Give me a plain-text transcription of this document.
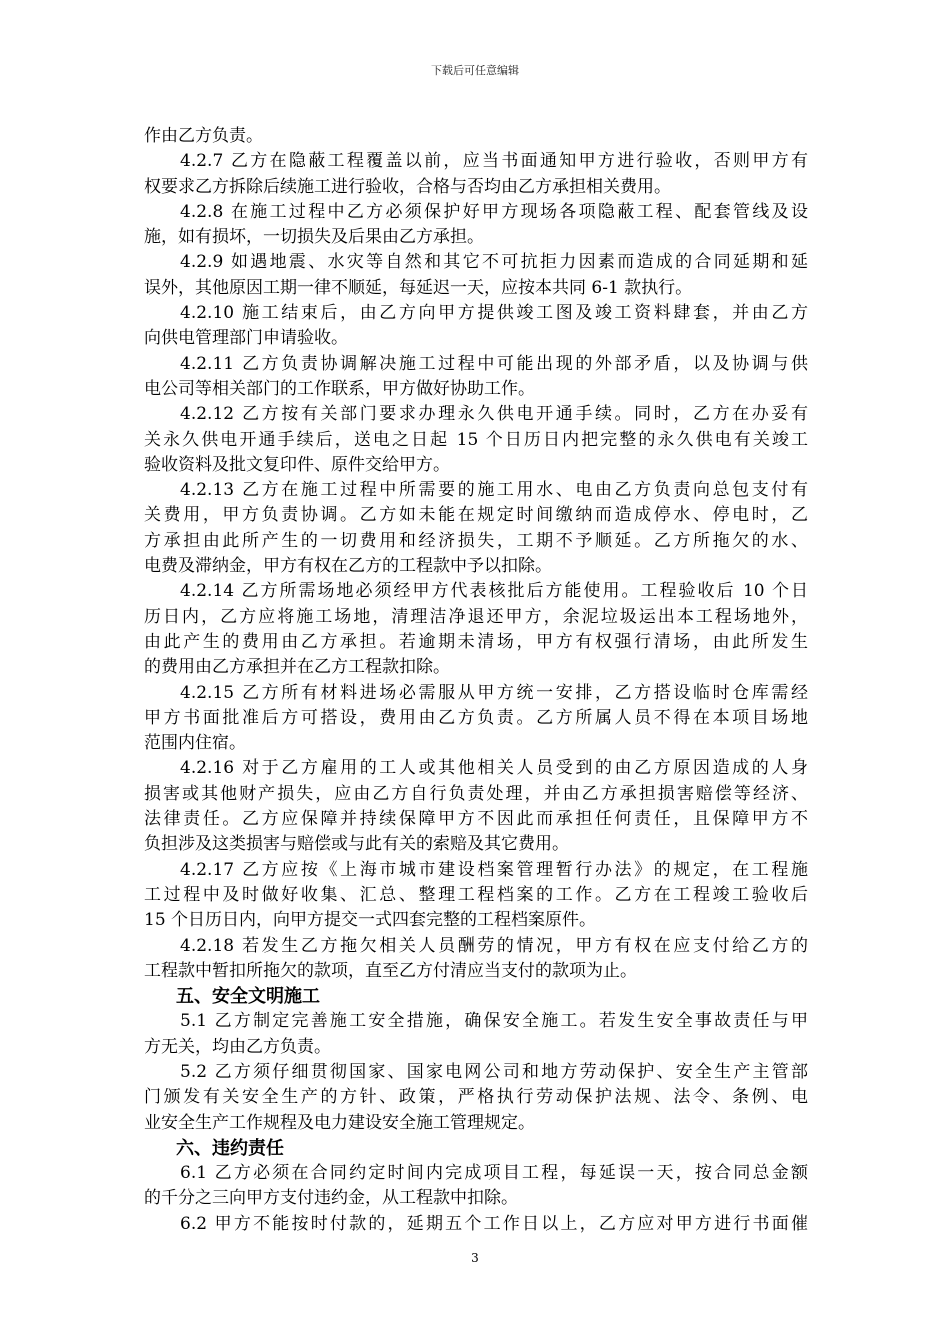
下载后可任意编辑
作由乙方负责。
4.2.7 乙方在隐蔽工程覆盖以前，应当书面通知甲方进行验收，否则甲方有
权要求乙方拆除后续施工进行验收，合格与否均由乙方承担相关费用。
4.2.8 在施工过程中乙方必须保护好甲方现场各项隐蔽工程、配套管线及设
施，如有损坏，一切损失及后果由乙方承担。
4.2.9 如遇地震、水灾等自然和其它不可抗拒力因素而造成的合同延期和延
误外，其他原因工期一律不顺延，每延迟一天，应按本共同 6-1 款执行。
4.2.10 施工结束后，由乙方向甲方提供竣工图及竣工资料肆套，并由乙方
向供电管理部门申请验收。
4.2.11 乙方负责协调解决施工过程中可能出现的外部矛盾，以及协调与供
电公司等相关部门的工作联系，甲方做好协助工作。
4.2.12 乙方按有关部门要求办理永久供电开通手续。同时，乙方在办妥有
关永久供电开通手续后，送电之日起 15 个日历日内把完整的永久供电有关竣工
验收资料及批文复印件、原件交给甲方。
4.2.13 乙方在施工过程中所需要的施工用水、电由乙方负责向总包支付有
关费用，甲方负责协调。乙方如未能在规定时间缴纳而造成停水、停电时，乙
方承担由此所产生的一切费用和经济损失，工期不予顺延。乙方所拖欠的水、
电费及滞纳金，甲方有权在乙方的工程款中予以扣除。
4.2.14 乙方所需场地必须经甲方代表核批后方能使用。工程验收后 10 个日
历日内，乙方应将施工场地，清理洁净退还甲方，余泥垃圾运出本工程场地外，
由此产生的费用由乙方承担。若逾期未清场，甲方有权强行清场，由此所发生
的费用由乙方承担并在乙方工程款扣除。
4.2.15 乙方所有材料进场必需服从甲方统一安排，乙方搭设临时仓库需经
甲方书面批准后方可搭设，费用由乙方负责。乙方所属人员不得在本项目场地
范围内住宿。
4.2.16 对于乙方雇用的工人或其他相关人员受到的由乙方原因造成的人身
损害或其他财产损失，应由乙方自行负责处理，并由乙方承担损害赔偿等经济、
法律责任。乙方应保障并持续保障甲方不因此而承担任何责任，且保障甲方不
负担涉及这类损害与赔偿或与此有关的索赔及其它费用。
4.2.17 乙方应按《上海市城市建设档案管理暂行办法》的规定，在工程施
工过程中及时做好收集、汇总、整理工程档案的工作。乙方在工程竣工验收后
15 个日历日内，向甲方提交一式四套完整的工程档案原件。
4.2.18 若发生乙方拖欠相关人员酬劳的情况，甲方有权在应支付给乙方的
工程款中暂扣所拖欠的款项，直至乙方付清应当支付的款项为止。
五、安全文明施工
5.1 乙方制定完善施工安全措施，确保安全施工。若发生安全事故责任与甲
方无关，均由乙方负责。
5.2 乙方须仔细贯彻国家、国家电网公司和地方劳动保护、安全生产主管部
门颁发有关安全生产的方针、政策，严格执行劳动保护法规、法令、条例、电
业安全生产工作规程及电力建设安全施工管理规定。
六、违约责任
6.1 乙方必须在合同约定时间内完成项目工程，每延误一天，按合同总金额
的千分之三向甲方支付违约金，从工程款中扣除。
6.2 甲方不能按时付款的，延期五个工作日以上，乙方应对甲方进行书面催
3
